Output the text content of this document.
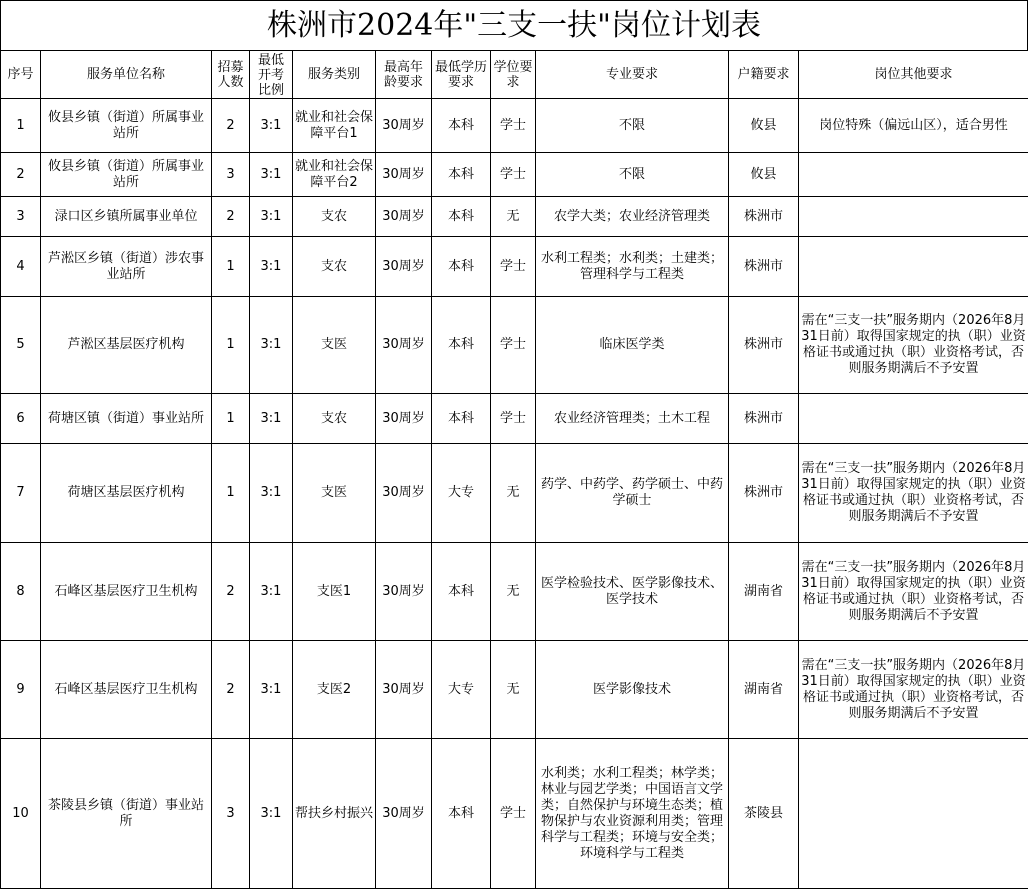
株洲市2024年"三支一扶"岗位计划表
序号	服务单位名称	招募人数	最低开考比例	服务类别	最高年龄要求	最低学历要求	学位要求	专业要求	户籍要求	岗位其他要求
1	攸县乡镇（街道）所属事业站所	2	3:1	就业和社会保障平台1	30周岁	本科	学士	不限	攸县	岗位特殊（偏远山区），适合男性
2	攸县乡镇（街道）所属事业站所	3	3:1	就业和社会保障平台2	30周岁	本科	学士	不限	攸县	
3	渌口区乡镇所属事业单位	2	3:1	支农	30周岁	本科	无	农学大类；农业经济管理类	株洲市	
4	芦淞区乡镇（街道）涉农事业站所	1	3:1	支农	30周岁	本科	学士	水利工程类；水利类；土建类；管理科学与工程类	株洲市	
5	芦淞区基层医疗机构	1	3:1	支医	30周岁	本科	学士	临床医学类	株洲市	需在“三支一扶”服务期内（2026年8月31日前）取得国家规定的执（职）业资格证书或通过执（职）业资格考试，否则服务期满后不予安置
6	荷塘区镇（街道）事业站所	1	3:1	支农	30周岁	本科	学士	农业经济管理类；土木工程	株洲市	
7	荷塘区基层医疗机构	1	3:1	支医	30周岁	大专	无	药学、中药学、药学硕士、中药学硕士	株洲市	需在“三支一扶”服务期内（2026年8月31日前）取得国家规定的执（职）业资格证书或通过执（职）业资格考试，否则服务期满后不予安置
8	石峰区基层医疗卫生机构	2	3:1	支医1	30周岁	本科	无	医学检验技术、医学影像技术、医学技术	湖南省	需在“三支一扶”服务期内（2026年8月31日前）取得国家规定的执（职）业资格证书或通过执（职）业资格考试，否则服务期满后不予安置
9	石峰区基层医疗卫生机构	2	3:1	支医2	30周岁	大专	无	医学影像技术	湖南省	需在“三支一扶”服务期内（2026年8月31日前）取得国家规定的执（职）业资格证书或通过执（职）业资格考试，否则服务期满后不予安置
10	茶陵县乡镇（街道）事业站所	3	3:1	帮扶乡村振兴	30周岁	本科	学士	水利类；水利工程类；林学类；林业与园艺学类；中国语言文学类；自然保护与环境生态类；植物保护与农业资源利用类；管理科学与工程类；环境与安全类；环境科学与工程类	茶陵县	
